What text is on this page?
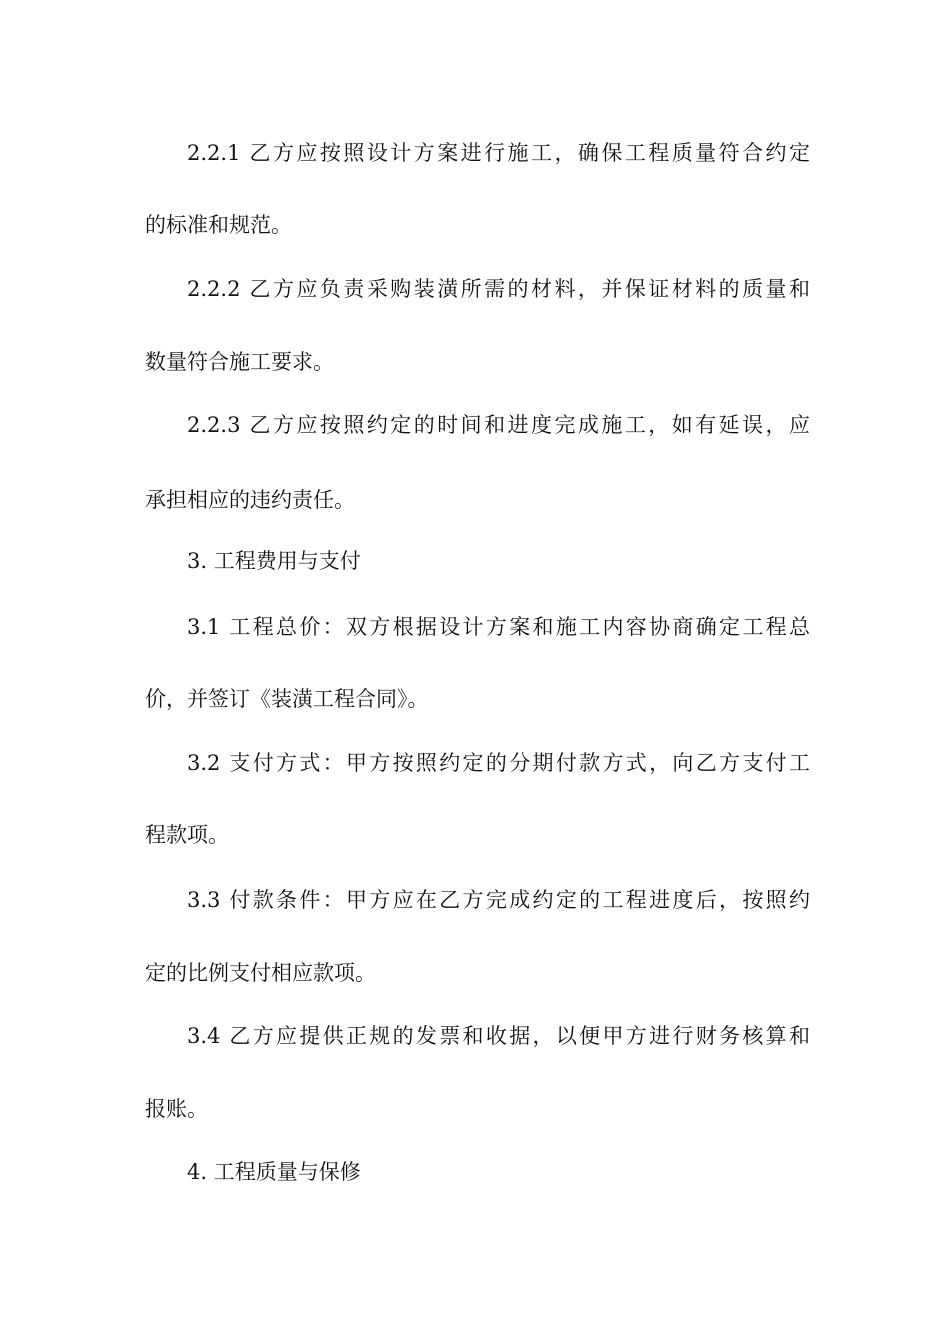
2.2.1 乙方应按照设计方案进行施工，确保工程质量符合约定
的标准和规范。
2.2.2 乙方应负责采购装潢所需的材料，并保证材料的质量和
数量符合施工要求。
2.2.3 乙方应按照约定的时间和进度完成施工，如有延误，应
承担相应的违约责任。
3. 工程费用与支付
3.1 工程总价：双方根据设计方案和施工内容协商确定工程总
价，并签订《装潢工程合同》。
3.2 支付方式：甲方按照约定的分期付款方式，向乙方支付工
程款项。
3.3 付款条件：甲方应在乙方完成约定的工程进度后，按照约
定的比例支付相应款项。
3.4 乙方应提供正规的发票和收据，以便甲方进行财务核算和
报账。
4. 工程质量与保修
